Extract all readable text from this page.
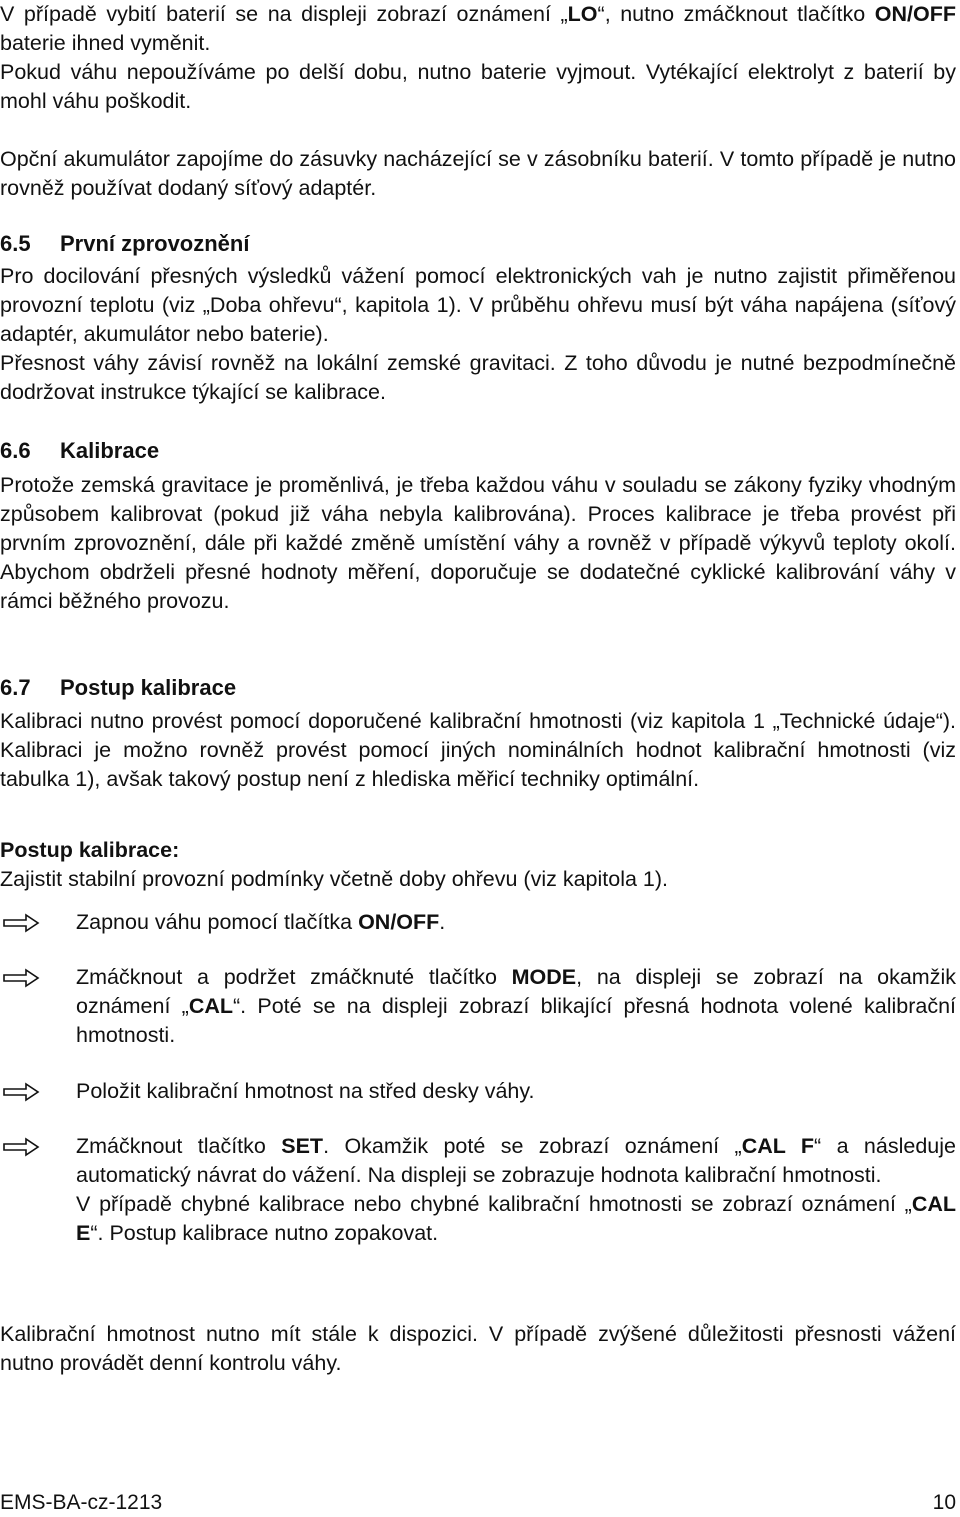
V případě vybití baterií se na displeji zobrazí oznámení „LO“, nutno zmáčknout tlačítko ON/OFF baterie ihned vyměnit.

Pokud váhu nepoužíváme po delší dobu, nutno baterie vyjmout. Vytékající elektrolyt z baterií by mohl váhu poškodit.

Opční akumulátor zapojíme do zásuvky nacházející se v zásobníku baterií. V tomto případě je nutno rovněž používat dodaný síťový adaptér.

6.5 První zprovoznění

Pro docilování přesných výsledků vážení pomocí elektronických vah je nutno zajistit přiměřenou provozní teplotu (viz „Doba ohřevu“, kapitola 1). V průběhu ohřevu musí být váha napájena (síťový adaptér, akumulátor nebo baterie).

Přesnost váhy závisí rovněž na lokální zemské gravitaci. Z toho důvodu je nutné bezpodmínečně dodržovat instrukce týkající se kalibrace.

6.6 Kalibrace

Protože zemská gravitace je proměnlivá, je třeba každou váhu v souladu se zákony fyziky vhodným způsobem kalibrovat (pokud již váha nebyla kalibrována). Proces kalibrace je třeba provést při prvním zprovoznění, dále při každé změně umístění váhy a rovněž v případě výkyvů teploty okolí. Abychom obdrželi přesné hodnoty měření, doporučuje se dodatečné cyklické kalibrování váhy v rámci běžného provozu.

6.7 Postup kalibrace

Kalibraci nutno provést pomocí doporučené kalibrační hmotnosti (viz kapitola 1 „Technické údaje“). Kalibraci je možno rovněž provést pomocí jiných nominálních hodnot kalibrační hmotnosti (viz tabulka 1), avšak takový postup není z hlediska měřicí techniky optimální.

Postup kalibrace:

Zajistit stabilní provozní podmínky včetně doby ohřevu (viz kapitola 1).

Zapnou váhu pomocí tlačítka ON/OFF.

Zmáčknout a podržet zmáčknuté tlačítko MODE, na displeji se zobrazí na okamžik oznámení „CAL“. Poté se na displeji zobrazí blikající přesná hodnota volené kalibrační hmotnosti.

Položit kalibrační hmotnost na střed desky váhy.

Zmáčknout tlačítko SET. Okamžik poté se zobrazí oznámení „CAL F“ a následuje automatický návrat do vážení. Na displeji se zobrazuje hodnota kalibrační hmotnosti.

V případě chybné kalibrace nebo chybné kalibrační hmotnosti se zobrazí oznámení „CAL E“. Postup kalibrace nutno zopakovat.

Kalibrační hmotnost nutno mít stále k dispozici. V případě zvýšené důležitosti přesnosti vážení nutno provádět denní kontrolu váhy.

EMS-BA-cz-1213	10
